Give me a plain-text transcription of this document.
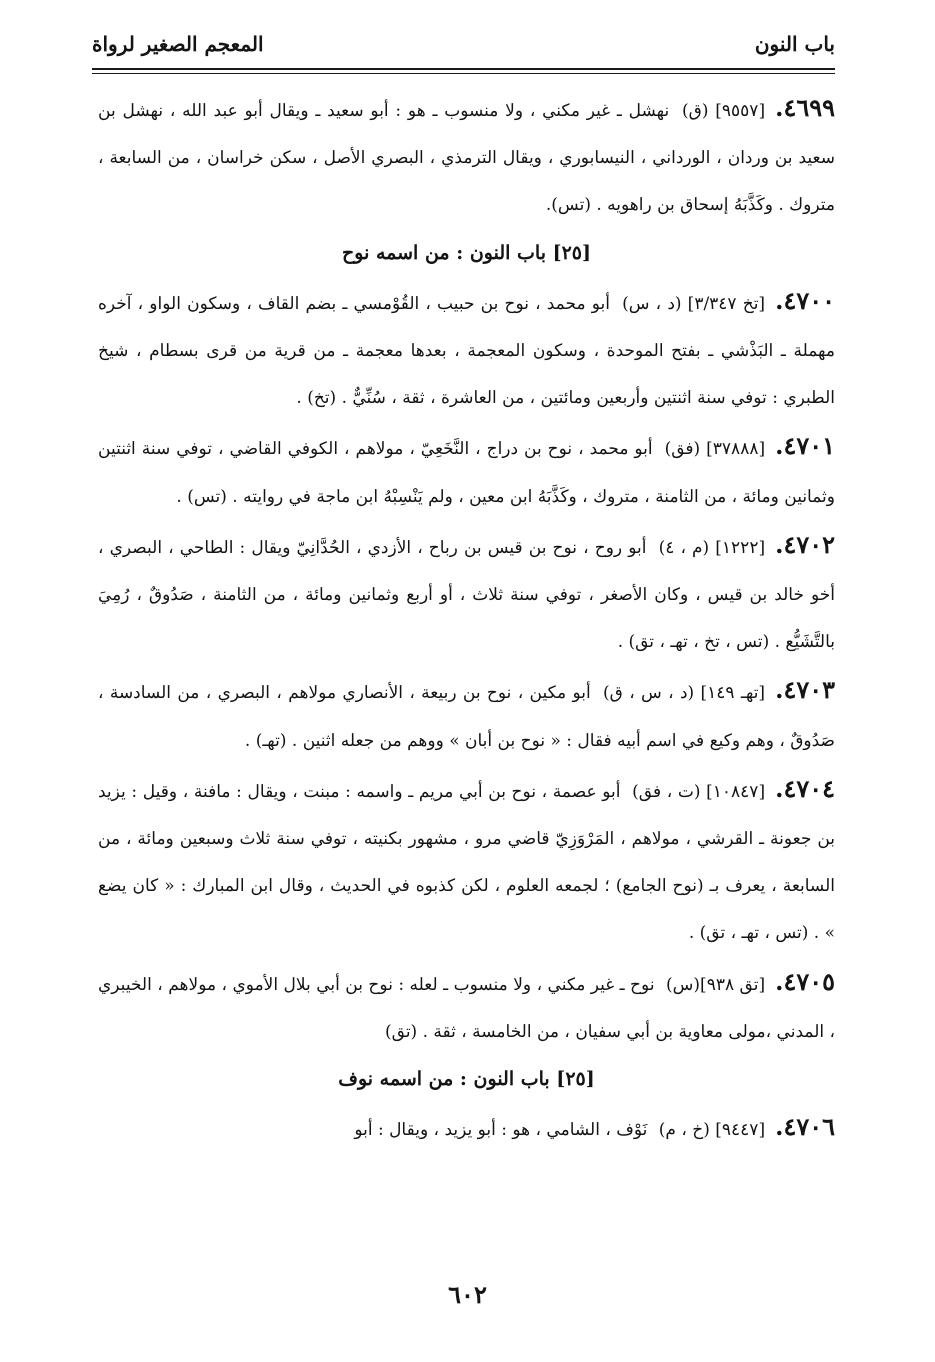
باب النون
المعجم الصغير لرواة

٤٦٩٩.[٩٥٥٧] (ق) نهشل ـ غير مكني ، ولا منسوب ـ هو : أبو سعيد ـ ويقال أبو عبد الله ، نهشل بن سعيد بن وردان ، الورداني ، النيسابوري ، ويقال الترمذي ، البصري الأصل ، سكن خراسان ، من السابعة ، متروك . وكَذَّبَهُ إسحاق بن راهويه . (تس).

[٢٥] باب النون : من اسمه نوح

٤٧٠٠.[تخ ٣/٣٤٧] (د ، س) أبو محمد ، نوح بن حبيب ، القُوْمسي ـ بضم القاف ، وسكون الواو ، آخره مهملة ـ البَذْشي ـ بفتح الموحدة ، وسكون المعجمة ، بعدها معجمة ـ من قرية من قرى بسطام ، شيخ الطبري : توفي سنة اثنتين وأربعين ومائتين ، من العاشرة ، ثقة ، سُنِّيٌّ . (تخ) .

٤٧٠١.[٣٧٨٨٨] (فق) أبو محمد ، نوح بن دراج ، النَّخَعِيّ ، مولاهم ، الكوفي القاضي ، توفي سنة اثنتين وثمانين ومائة ، من الثامنة ، متروك ، وكَذَّبَهُ ابن معين ، ولم يَنْسِبْهُ ابن ماجة في روايته . (تس) .

٤٧٠٢.[١٢٢٢] (م ، ٤) أبو روح ، نوح بن قيس بن رباح ، الأزدي ، الحُدَّانِيّ ويقال : الطاحي ، البصري ، أخو خالد بن قيس ، وكان الأصغر ، توفي سنة ثلاث ، أو أربع وثمانين ومائة ، من الثامنة ، صَدُوقٌ ، رُمِيَ بالتَّشَيُّع . (تس ، تخ ، تهـ ، تق) .

٤٧٠٣.[تهـ ١٤٩] (د ، س ، ق) أبو مكين ، نوح بن ربيعة ، الأنصاري مولاهم ، البصري ، من السادسة ، صَدُوقٌ ، وهم وكيع في اسم أبيه فقال : « نوح بن أبان » ووهم من جعله اثنين . (تهـ) .

٤٧٠٤.[١٠٨٤٧] (ت ، فق) أبو عصمة ، نوح بن أبي مريم ـ واسمه : مبنت ، ويقال : مافنة ، وقيل : يزيد بن جعونة ـ القرشي ، مولاهم ، المَرْوَزِيّ قاضي مرو ، مشهور بكنيته ، توفي سنة ثلاث وسبعين ومائة ، من السابعة ، يعرف بـ (نوح الجامع) ؛ لجمعه العلوم ، لكن كذبوه في الحديث ، وقال ابن المبارك : « كان يضع » . (تس ، تهـ ، تق) .

٤٧٠٥.[تق ٩٣٨](س) نوح ـ غير مكني ، ولا منسوب ـ لعله : نوح بن أبي بلال الأموي ، مولاهم ، الخيبري ، المدني ،مولى معاوية بن أبي سفيان ، من الخامسة ، ثقة . (تق)

[٢٥] باب النون : من اسمه نوف

٤٧٠٦.[٩٤٤٧] (خ ، م) نَوْف ، الشامي ، هو : أبو يزيد ، ويقال : أبو

٦٠٢
